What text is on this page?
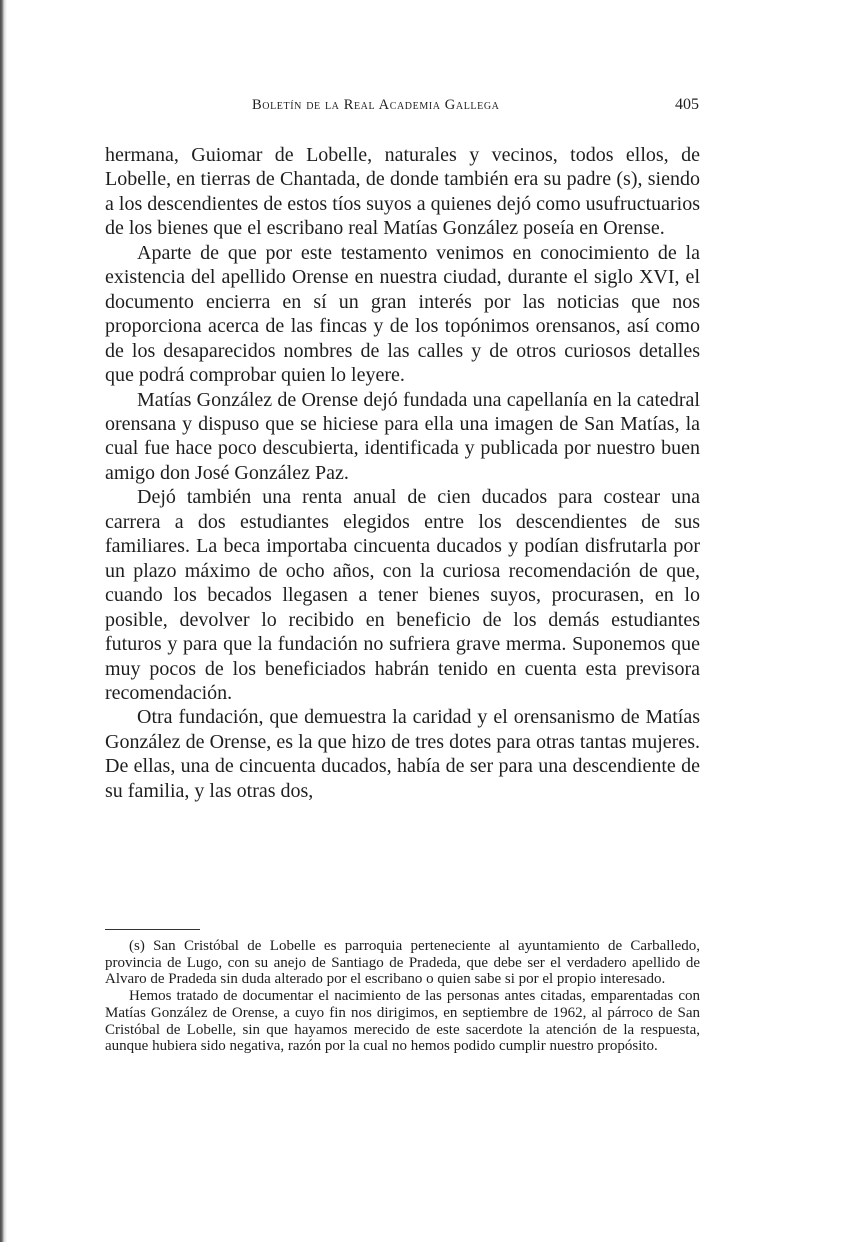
Boletín de la Real Academia Gallega	405

hermana, Guiomar de Lobelle, naturales y vecinos, todos ellos, de Lobelle, en tierras de Chantada, de donde también era su padre (s), siendo a los descendientes de estos tíos suyos a quienes dejó como usufructuarios de los bienes que el escribano real Matías González poseía en Orense.

Aparte de que por este testamento venimos en conocimiento de la existencia del apellido Orense en nuestra ciudad, durante el siglo XVI, el documento encierra en sí un gran interés por las noticias que nos proporciona acerca de las fincas y de los topónimos orensanos, así como de los desaparecidos nombres de las calles y de otros curiosos detalles que podrá comprobar quien lo leyere.

Matías González de Orense dejó fundada una capellanía en la catedral orensana y dispuso que se hiciese para ella una imagen de San Matías, la cual fue hace poco descubierta, identificada y publicada por nuestro buen amigo don José González Paz.

Dejó también una renta anual de cien ducados para costear una carrera a dos estudiantes elegidos entre los descendientes de sus familiares. La beca importaba cincuenta ducados y podían disfrutarla por un plazo máximo de ocho años, con la curiosa recomendación de que, cuando los becados llegasen a tener bienes suyos, procurasen, en lo posible, devolver lo recibido en beneficio de los demás estudiantes futuros y para que la fundación no sufriera grave merma. Suponemos que muy pocos de los beneficiados habrán tenido en cuenta esta previsora recomendación.

Otra fundación, que demuestra la caridad y el orensanismo de Matías González de Orense, es la que hizo de tres dotes para otras tantas mujeres. De ellas, una de cincuenta ducados, había de ser para una descendiente de su familia, y las otras dos,

(s) San Cristóbal de Lobelle es parroquia perteneciente al ayuntamiento de Carballedo, provincia de Lugo, con su anejo de Santiago de Pradeda, que debe ser el verdadero apellido de Alvaro de Pradeda sin duda alterado por el escribano o quien sabe si por el propio interesado.

Hemos tratado de documentar el nacimiento de las personas antes citadas, emparentadas con Matías González de Orense, a cuyo fin nos dirigimos, en septiembre de 1962, al párroco de San Cristóbal de Lobelle, sin que hayamos merecido de este sacerdote la atención de la respuesta, aunque hubiera sido negativa, razón por la cual no hemos podido cumplir nuestro propósito.
